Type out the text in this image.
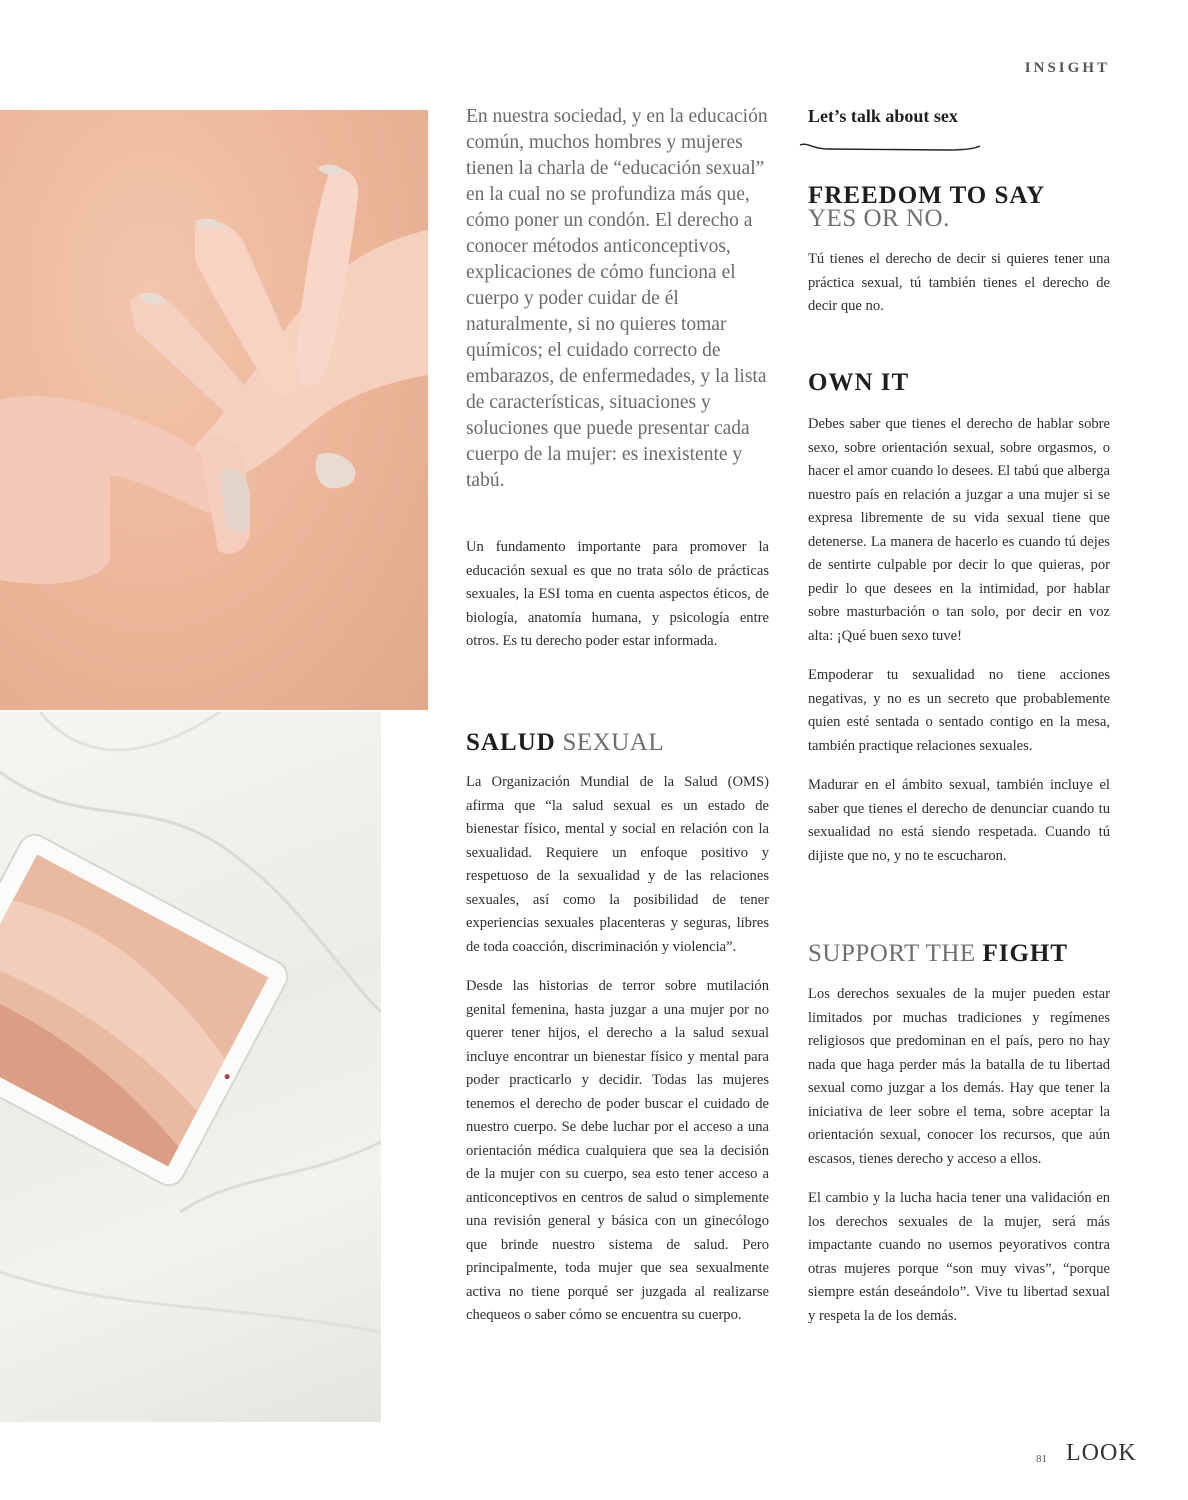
INSIGHT
En nuestra sociedad, y en la educación común, muchos hombres y mujeres tienen la charla de “educación sexual” en la cual no se profundiza más que, cómo poner un condón. El derecho a conocer métodos anticonceptivos, explicaciones de cómo funciona el cuerpo y poder cuidar de él naturalmente, si no quieres tomar químicos; el cuidado correcto de embarazos, de enfermedades, y la lista de características, situaciones y soluciones que puede presentar cada cuerpo de la mujer: es inexistente y tabú.

Un fundamento importante para promover la educación sexual es que no trata sólo de prácticas sexuales, la ESI toma en cuenta aspectos éticos, de biología, anatomía humana, y psicología entre otros. Es tu derecho poder estar informada.

SALUD SEXUAL

La Organización Mundial de la Salud (OMS) afirma que “la salud sexual es un estado de bienestar físico, mental y social en relación con la sexualidad. Requiere un enfoque positivo y respetuoso de la sexualidad y de las relaciones sexuales, así como la posibilidad de tener experiencias sexuales placenteras y seguras, libres de toda coacción, discriminación y violencia”.

Desde las historias de terror sobre mutilación genital femenina, hasta juzgar a una mujer por no querer tener hijos, el derecho a la salud sexual incluye encontrar un bienestar físico y mental para poder practicarlo y decidir. Todas las mujeres tenemos el derecho de poder buscar el cuidado de nuestro cuerpo. Se debe luchar por el acceso a una orientación médica cualquiera que sea la decisión de la mujer con su cuerpo, sea esto tener acceso a anticonceptivos en centros de salud o simplemente una revisión general y básica con un ginecólogo que brinde nuestro sistema de salud. Pero principalmente, toda mujer que sea sexualmente activa no tiene porqué ser juzgada al realizarse chequeos o saber cómo se encuentra su cuerpo.

Let’s talk about sex
FREEDOM TO SAY
YES OR NO.

Tú tienes el derecho de decir si quieres tener una práctica sexual, tú también tienes el derecho de decir que no.

OWN IT

Debes saber que tienes el derecho de hablar sobre sexo, sobre orientación sexual, sobre orgasmos, o hacer el amor cuando lo desees. El tabú que alberga nuestro país en relación a juzgar a una mujer si se expresa libremente de su vida sexual tiene que detenerse. La manera de hacerlo es cuando tú dejes de sentirte culpable por decir lo que quieras, por pedir lo que desees en la intimidad, por hablar sobre masturbación o tan solo, por decir en voz alta: ¡Qué buen sexo tuve!

Empoderar tu sexualidad no tiene acciones negativas, y no es un secreto que probablemente quien esté sentada o sentado contigo en la mesa, también practique relaciones sexuales.

Madurar en el ámbito sexual, también incluye el saber que tienes el derecho de denunciar cuando tu sexualidad no está siendo respetada. Cuando tú dijiste que no, y no te escucharon.

SUPPORT THE FIGHT

Los derechos sexuales de la mujer pueden estar limitados por muchas tradiciones y regímenes religiosos que predominan en el país, pero no hay nada que haga perder más la batalla de tu libertad sexual como juzgar a los demás. Hay que tener la iniciativa de leer sobre el tema, sobre aceptar la orientación sexual, conocer los recursos, que aún escasos, tienes derecho y acceso a ellos.

El cambio y la lucha hacia tener una validación en los derechos sexuales de la mujer, será más impactante cuando no usemos peyorativos contra otras mujeres porque “son muy vivas”, “porque siempre están deseándolo”. Vive tu libertad sexual y respeta la de los demás.

81 LOOK
